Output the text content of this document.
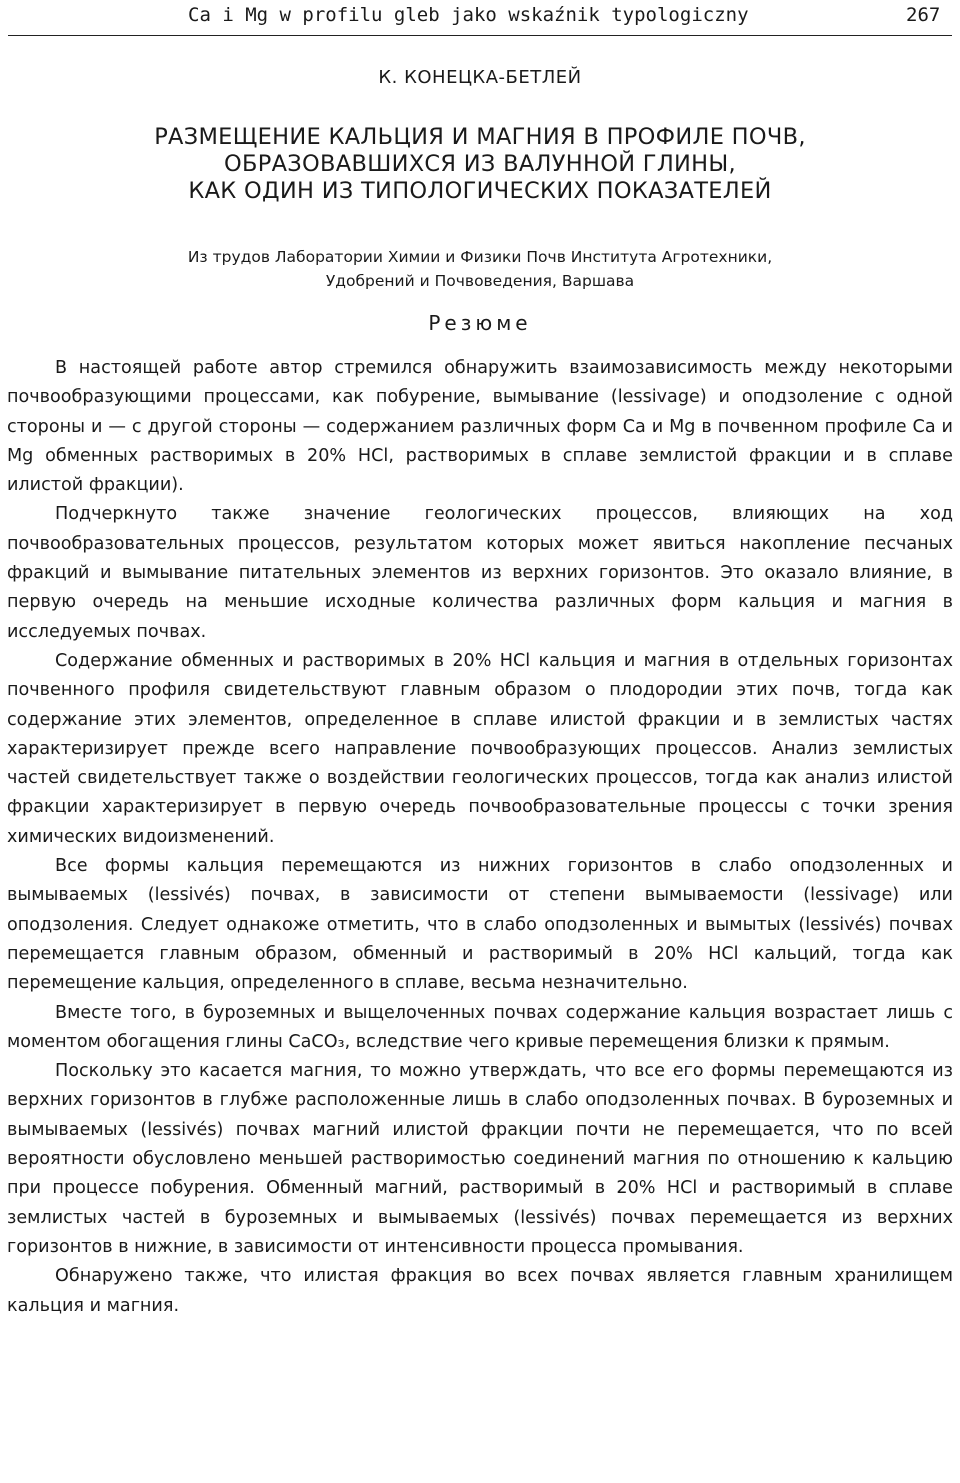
Ca i Mg w profilu gleb jako wskaźnik typologiczny	267
К. КОНЕЦКА-БЕТЛЕЙ
РАЗМЕЩЕНИЕ КАЛЬЦИЯ И МАГНИЯ В ПРОФИЛЕ ПОЧВ,
ОБРАЗОВАВШИХСЯ ИЗ ВАЛУННОЙ ГЛИНЫ,
КАК ОДИН ИЗ ТИПОЛОГИЧЕСКИХ ПОКАЗАТЕЛЕЙ
Из трудов Лаборатории Химии и Физики Почв Института Агротехники,
Удобрений и Почвоведения, Варшава
Резюме

В настоящей работе автор стремился обнаружить взаимозависимость между некоторыми почвообразующими процессами, как побурение, вымывание (lessivage) и оподзоление с одной стороны и — с другой стороны — содержанием различных форм Ca и Mg в почвенном профиле Ca и Mg обменных растворимых в 20% HCl, растворимых в сплаве землистой фракции и в сплаве илистой фракции).

Подчеркнуто также значение геологических процессов, влияющих на ход почвообразовательных процессов, результатом которых может явиться накопление песчаных фракций и вымывание питательных элементов из верхних горизонтов. Это оказало влияние, в первую очередь на меньшие исходные количества различных форм кальция и магния в исследуемых почвах.

Содержание обменных и растворимых в 20% HCl кальция и магния в отдельных горизонтах почвенного профиля свидетельствуют главным образом о плодородии этих почв, тогда как содержание этих элементов, определенное в сплаве илистой фракции и в землистых частях характеризирует прежде всего направление почвообразующих процессов. Анализ землистых частей свидетельствует также о воздействии геологических процессов, тогда как анализ илистой фракции характеризирует в первую очередь почвообразовательные процессы с точки зрения химических видоизменений.

Все формы кальция перемещаются из нижних горизонтов в слабо оподзоленных и вымываемых (lessivés) почвах, в зависимости от степени вымываемости (lessivage) или оподзоления. Следует однакоже отметить, что в слабо оподзоленных и вымытых (lessivés) почвах перемещается главным образом, обменный и растворимый в 20% HCl кальций, тогда как перемещение кальция, определенного в сплаве, весьма незначительно.

Вместе того, в буроземных и выщелоченных почвах содержание кальция возрастает лишь с моментом обогащения глины CaCO₃, вследствие чего кривые перемещения близки к прямым.

Поскольку это касается магния, то можно утверждать, что все его формы перемещаются из верхних горизонтов в глубже расположенные лишь в слабо оподзоленных почвах. В буроземных и вымываемых (lessivés) почвах магний илистой фракции почти не перемещается, что по всей вероятности обусловлено меньшей растворимостью соединений магния по отношению к кальцию при процессе побурения. Обменный магний, растворимый в 20% HCl и растворимый в сплаве землистых частей в буроземных и вымываемых (lessivés) почвах перемещается из верхних горизонтов в нижние, в зависимости от интенсивности процесса промывания.

Обнаружено также, что илистая фракция во всех почвах является главным хранилищем кальция и магния.
